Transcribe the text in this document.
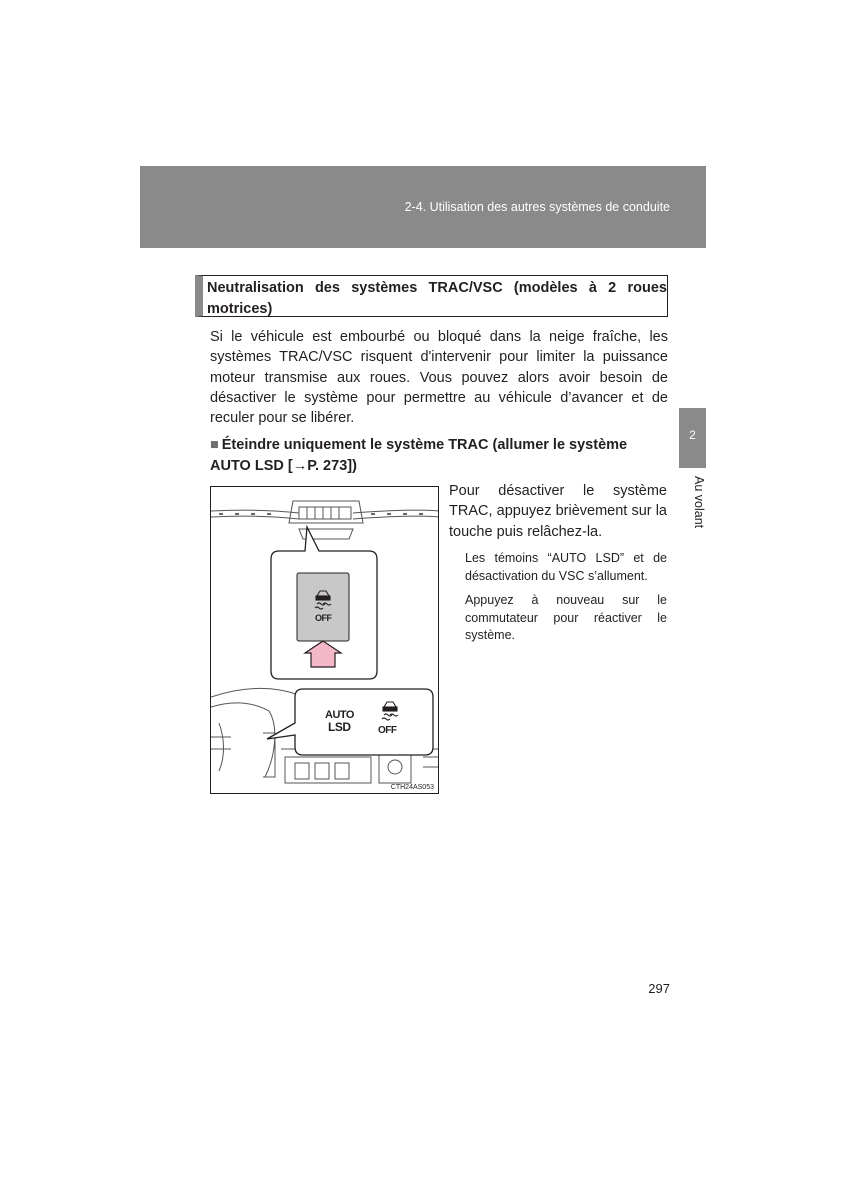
2-4. Utilisation des autres systèmes de conduite
2
Au volant
Neutralisation des systèmes TRAC/VSC (modèles à 2 roues motrices)
Si le véhicule est embourbé ou bloqué dans la neige fraîche, les systèmes TRAC/VSC risquent d'intervenir pour limiter la puissance moteur transmise aux roues. Vous pouvez alors avoir besoin de désactiver le système pour permettre au véhicule d’avancer et de reculer pour se libérer.
■ Éteindre uniquement le système TRAC (allumer le système AUTO LSD [→P. 273])
OFF
AUTO
LSD	OFF
CTH24AS053
Pour désactiver le système TRAC, appuyez brièvement sur la touche puis relâchez-la.
Les témoins “AUTO LSD” et de désactivation du VSC s’allument.
Appuyez à nouveau sur le commutateur pour réactiver le système.
297
